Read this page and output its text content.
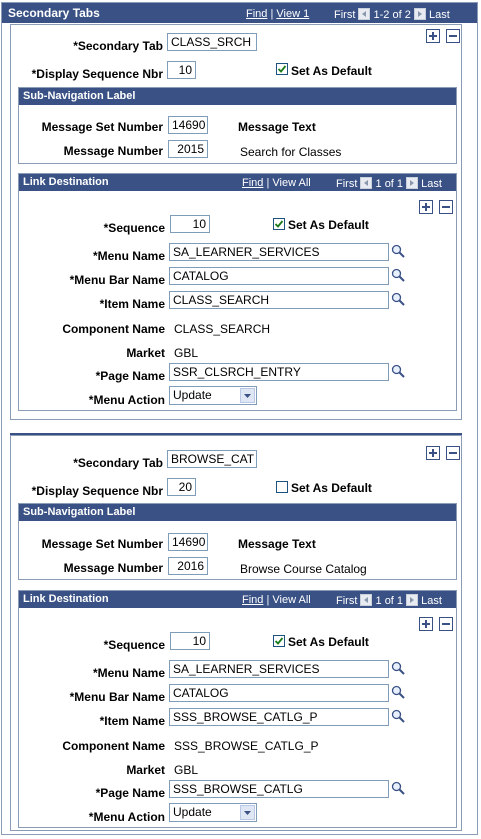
Secondary Tabs	Find | View 1 First 1-2 of 2 Last
*Secondary Tab CLASS_SRCH
*Display Sequence Nbr	10	Set As Default
Sub-Navigation Label
Message Set Number 14690	Message Text
Message Number	2015	Search for Classes
Link Destination	Find | View All First 1 of 1 Last
*Sequence	10	Set As Default
*Menu Name SA_LEARNER_SERVICES
*Menu Bar Name CATALOG
*Item Name CLASS_SEARCH
Component Name CLASS_SEARCH
Market GBL
*Page Name SSR_CLSRCH_ENTRY
*Menu Action Update
*Secondary Tab BROWSE_CAT
*Display Sequence Nbr	20	Set As Default
Sub-Navigation Label
Message Set Number 14690	Message Text
Message Number	2016	Browse Course Catalog
Link Destination	Find | View All First 1 of 1 Last
*Sequence	10	Set As Default
*Menu Name SA_LEARNER_SERVICES
*Menu Bar Name CATALOG
*Item Name SSS_BROWSE_CATLG_P
Component Name SSS_BROWSE_CATLG_P
Market GBL
*Page Name SSS_BROWSE_CATLG
*Menu Action Update
